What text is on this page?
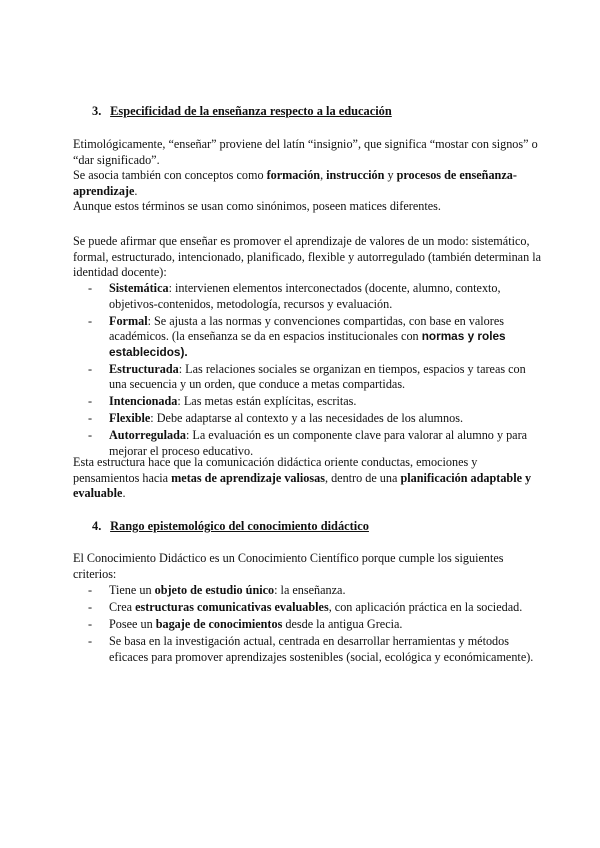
3. Especificidad de la enseñanza respecto a la educación

Etimológicamente, “enseñar” proviene del latín “insignio”, que significa “mostar con signos” o “dar significado”.

Se asocia también con conceptos como formación, instrucción y procesos de enseñanza-aprendizaje.

Aunque estos términos se usan como sinónimos, poseen matices diferentes.

Se puede afirmar que enseñar es promover el aprendizaje de valores de un modo: sistemático, formal, estructurado, intencionado, planificado, flexible y autorregulado (también determinan la identidad docente):

- Sistemática: intervienen elementos interconectados (docente, alumno, contexto, objetivos-contenidos, metodología, recursos y evaluación.
- Formal: Se ajusta a las normas y convenciones compartidas, con base en valores académicos. (la enseñanza se da en espacios institucionales con normas y roles establecidos).
- Estructurada: Las relaciones sociales se organizan en tiempos, espacios y tareas con una secuencia y un orden, que conduce a metas compartidas.
- Intencionada: Las metas están explícitas, escritas.
- Flexible: Debe adaptarse al contexto y a las necesidades de los alumnos.
- Autorregulada: La evaluación es un componente clave para valorar al alumno y para mejorar el proceso educativo.

Esta estructura hace que la comunicación didáctica oriente conductas, emociones y pensamientos hacia metas de aprendizaje valiosas, dentro de una planificación adaptable y evaluable.

4. Rango epistemológico del conocimiento didáctico

El Conocimiento Didáctico es un Conocimiento Científico porque cumple los siguientes criterios:

- Tiene un objeto de estudio único: la enseñanza.
- Crea estructuras comunicativas evaluables, con aplicación práctica en la sociedad.
- Posee un bagaje de conocimientos desde la antigua Grecia.
- Se basa en la investigación actual, centrada en desarrollar herramientas y métodos eficaces para promover aprendizajes sostenibles (social, ecológica y económicamente).
